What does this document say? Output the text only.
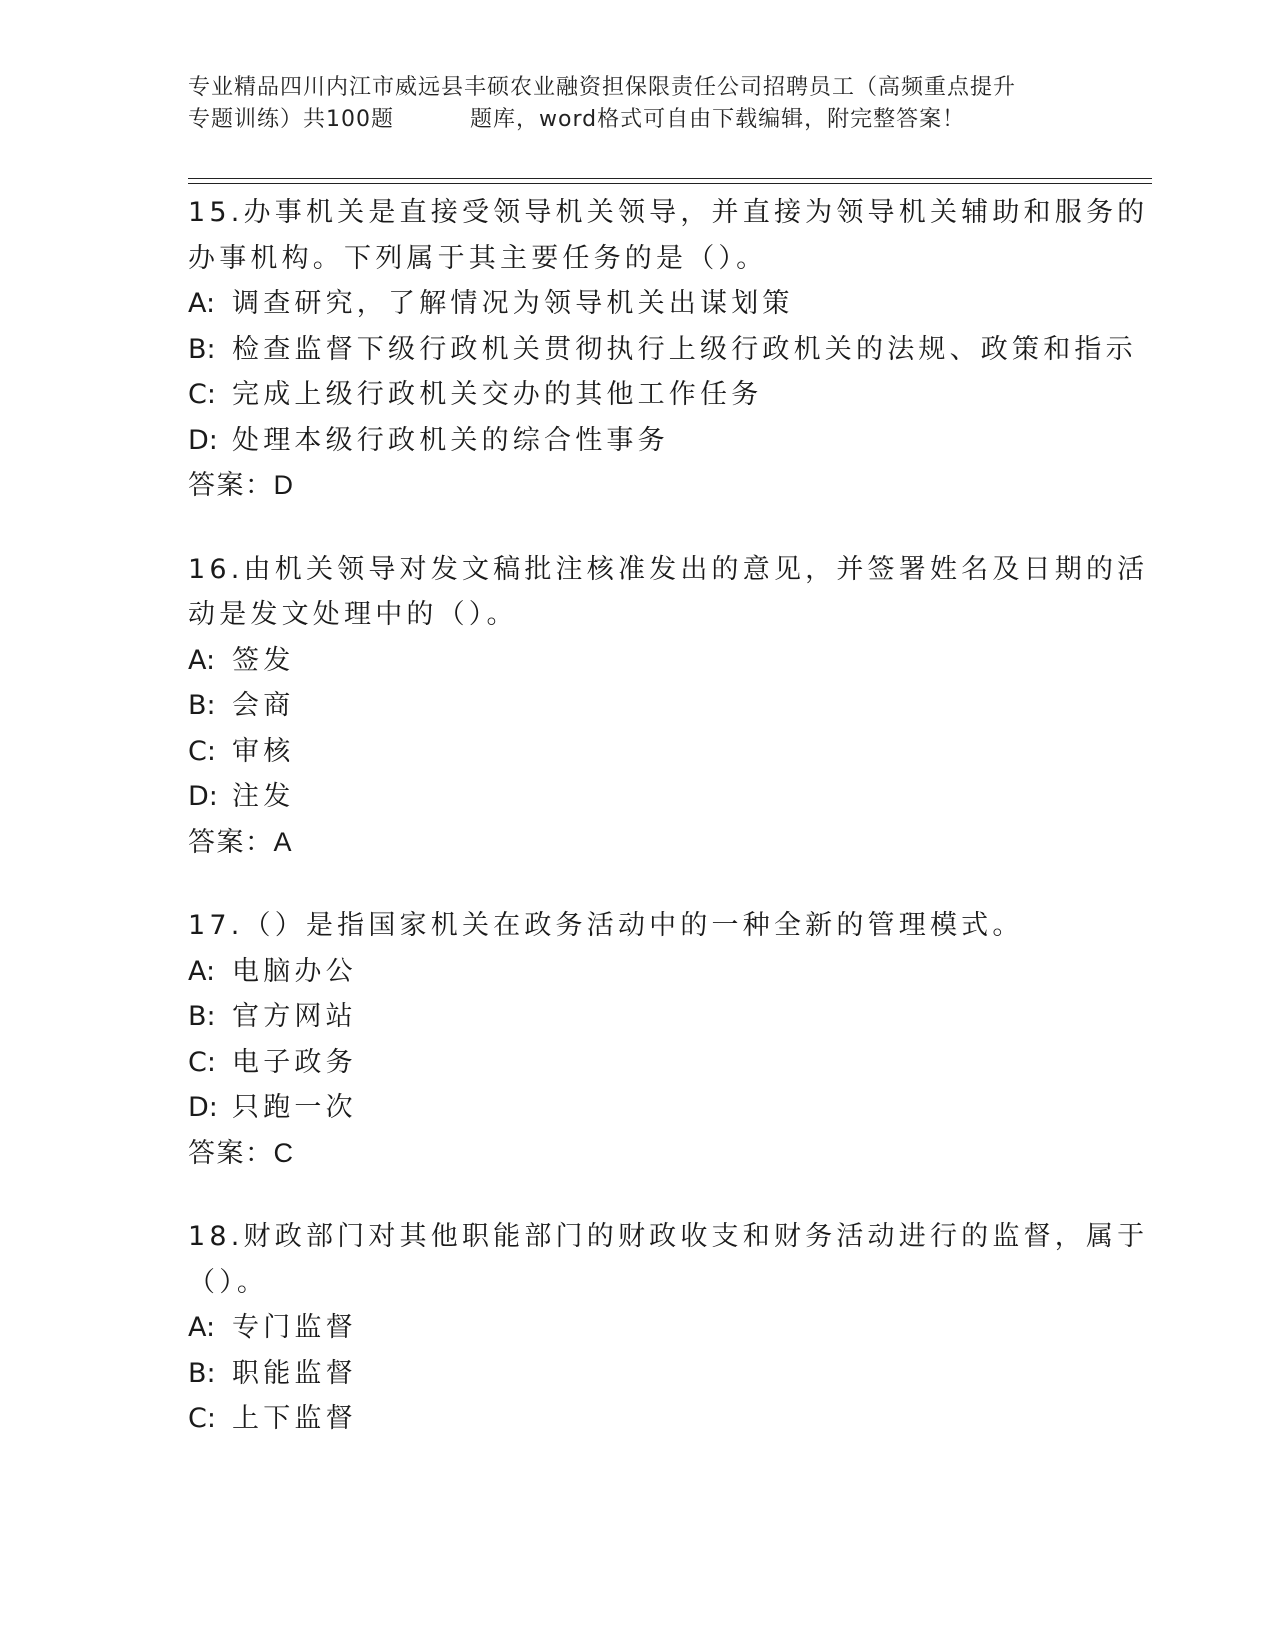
专业精品四川内江市威远县丰硕农业融资担保限责任公司招聘员工（高频重点提升
专题训练）共100题	题库，word格式可自由下载编辑，附完整答案！
15.办事机关是直接受领导机关领导，并直接为领导机关辅助和服务的
办事机构。下列属于其主要任务的是（）。
A: 调查研究，了解情况为领导机关出谋划策
B: 检查监督下级行政机关贯彻执行上级行政机关的法规、政策和指示
C: 完成上级行政机关交办的其他工作任务
D: 处理本级行政机关的综合性事务
答案：D
16.由机关领导对发文稿批注核准发出的意见，并签署姓名及日期的活
动是发文处理中的（）。
A: 签发
B: 会商
C: 审核
D: 注发
答案：A
17.（）是指国家机关在政务活动中的一种全新的管理模式。
A: 电脑办公
B: 官方网站
C: 电子政务
D: 只跑一次
答案：C
18.财政部门对其他职能部门的财政收支和财务活动进行的监督，属于
（）。
A: 专门监督
B: 职能监督
C: 上下监督
